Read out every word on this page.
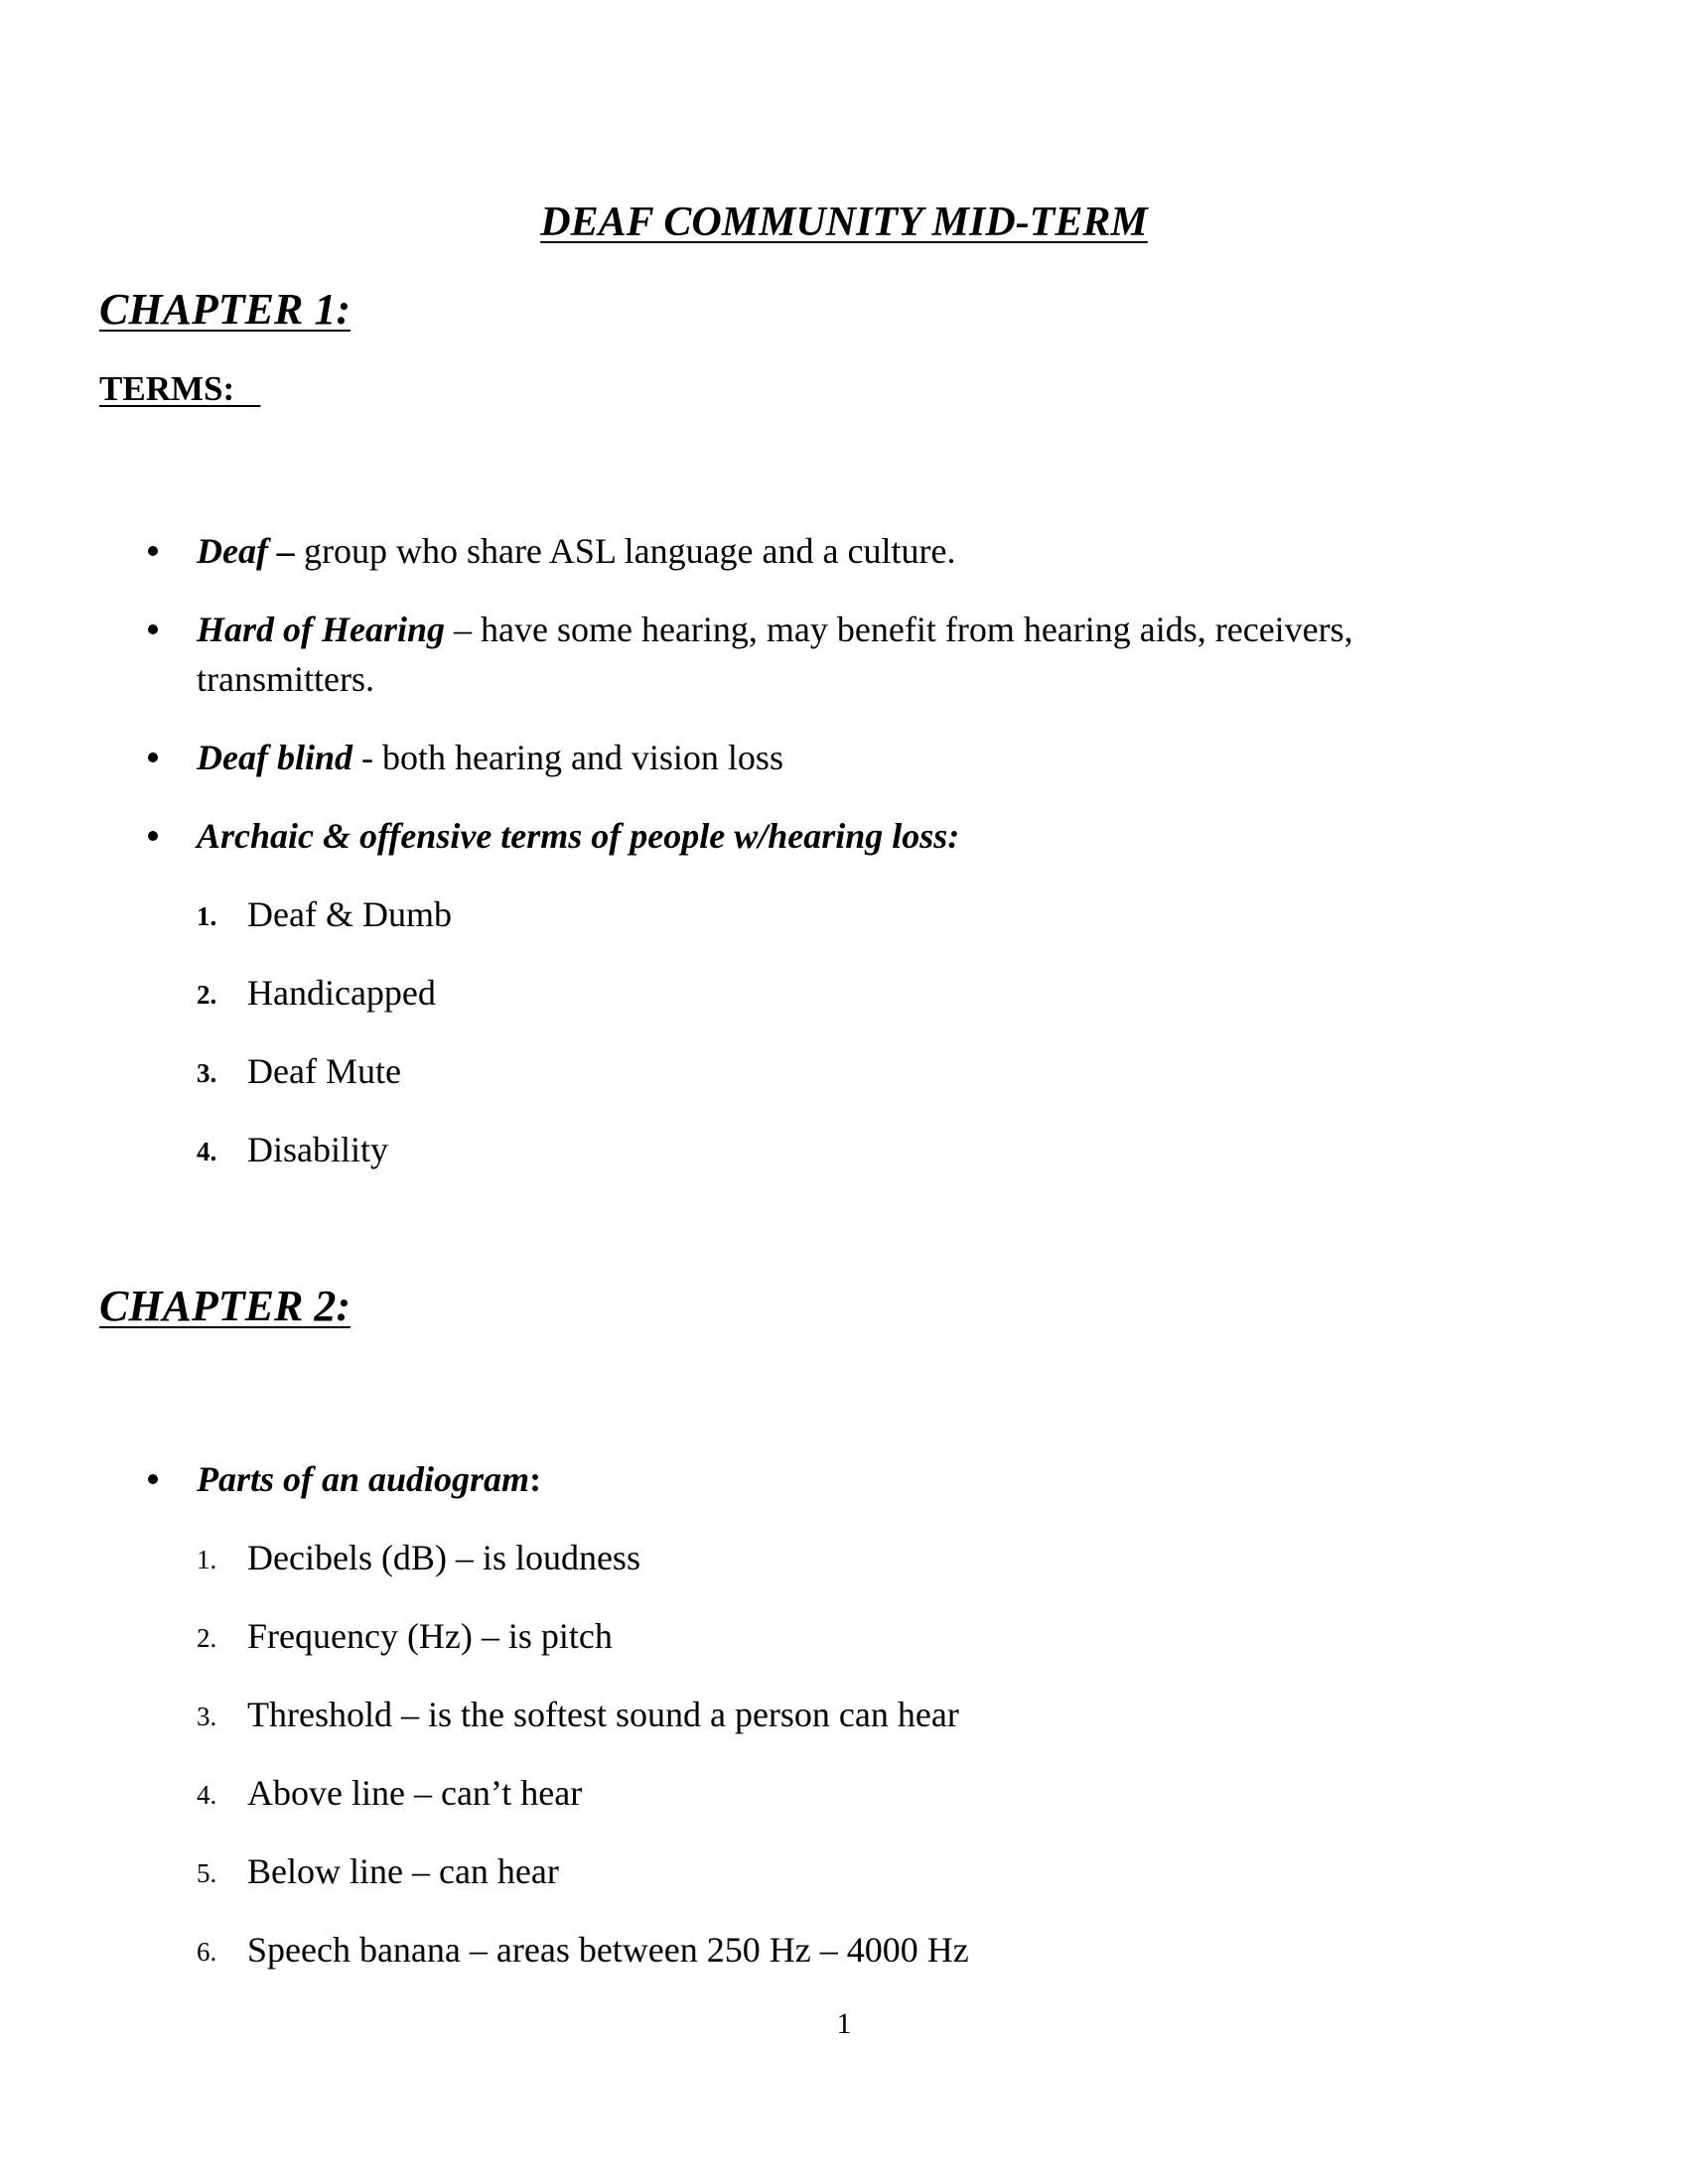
DEAF COMMUNITY MID-TERM
CHAPTER 1:
TERMS:
Deaf – group who share ASL language and a culture.
Hard of Hearing – have some hearing, may benefit from hearing aids, receivers,
transmitters.
Deaf blind - both hearing and vision loss
Archaic & offensive terms of people w/hearing loss:
1. Deaf & Dumb
2. Handicapped
3. Deaf Mute
4. Disability
CHAPTER 2:
Parts of an audiogram:
1. Decibels (dB) – is loudness
2. Frequency (Hz) – is pitch
3. Threshold – is the softest sound a person can hear
4. Above line – can’t hear
5. Below line – can hear
6. Speech banana – areas between 250 Hz – 4000 Hz
1
